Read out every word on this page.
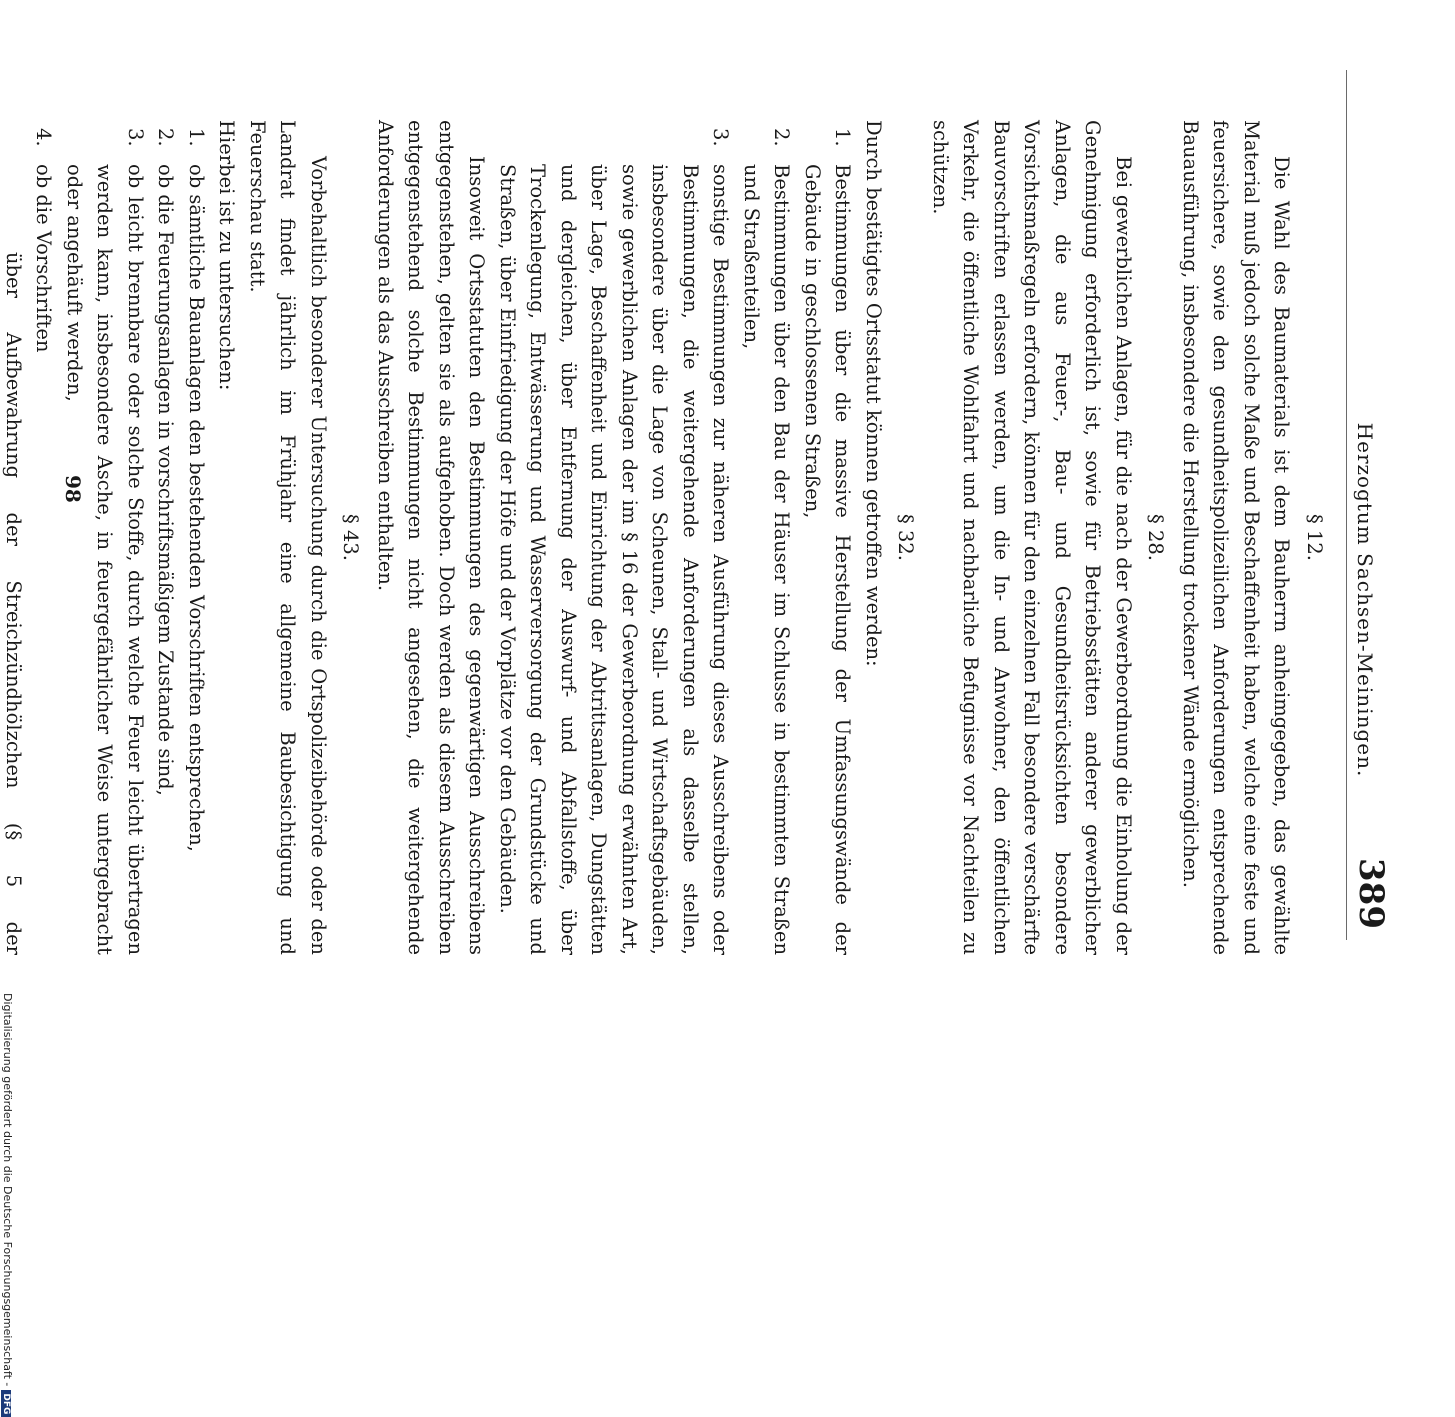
Herzogtum Sachsen-Meiningen.
389

§ 12.

Die Wahl des Baumaterials ist dem Bauherrn anheimgegeben, das gewählte Material muß jedoch solche Maße und Beschaffenheit haben, welche eine feste und feuersichere, sowie den gesundheitspolizeilichen Anforderungen entsprechende Bauausführung, insbesondere die Herstellung trockener Wände ermöglichen.

§ 28.

Bei gewerblichen Anlagen, für die nach der Gewerbeordnung die Einholung der Genehmigung erforderlich ist, sowie für Betriebsstätten anderer gewerblicher Anlagen, die aus Feuer-, Bau- und Gesundheitsrücksichten besondere Vorsichtsmaßregeln erfordern, können für den einzelnen Fall besondere verschärfte Bauvorschriften erlassen werden, um die In- und Anwohner, den öffentlichen Verkehr, die öffentliche Wohlfahrt und nachbarliche Befugnisse vor Nachteilen zu schützen.

§ 32.

Durch bestätigtes Ortsstatut können getroffen werden:

1.
Bestimmungen über die massive Herstellung der Umfassungswände der Gebäude in geschlossenen Straßen,

2.
Bestimmungen über den Bau der Häuser im Schlusse in bestimmten Straßen und Straßenteilen,

3.
sonstige Bestimmungen zur näheren Ausführung dieses Ausschreibens oder Bestimmungen, die weitergehende Anforderungen als dasselbe stellen, insbesondere über die Lage von Scheunen, Stall- und Wirtschaftsgebäuden, sowie gewerblichen Anlagen der im § 16 der Gewerbeordnung erwähnten Art, über Lage, Beschaffenheit und Einrichtung der Abtrittsanlagen, Dungstätten und dergleichen, über Entfernung der Auswurf- und Abfallstoffe, über Trockenlegung, Entwässerung und Wasserversorgung der Grundstücke und Straßen, über Einfriedigung der Höfe und der Vorplätze vor den Gebäuden.

Insoweit Ortsstatuten den Bestimmungen des gegenwärtigen Ausschreibens entgegenstehen, gelten sie als aufgehoben. Doch werden als diesem Ausschreiben entgegenstehend solche Bestimmungen nicht angesehen, die weitergehende Anforderungen als das Ausschreiben enthalten.

§ 43.

Vorbehaltlich besonderer Untersuchung durch die Ortspolizeibehörde oder den Landrat findet jährlich im Frühjahr eine allgemeine Baubesichtigung und Feuerschau statt.

Hierbei ist zu untersuchen:

1.
ob sämtliche Bauanlagen den bestehenden Vorschriften entsprechen,

2.
ob die Feuerungsanlagen in vorschriftsmäßigem Zustande sind,

3.
ob leicht brennbare oder solche Stoffe, durch welche Feuer leicht übertragen werden kann, insbesondere Asche, in feuergefährlicher Weise untergebracht oder angehäuft werden,

4.
ob die Vorschriften

über Aufbewahrung der Streichzündhölzchen (§ 5 der

98
Digitalisierung gefördert durch die Deutsche Forschungsgemeinschaft -DFG
